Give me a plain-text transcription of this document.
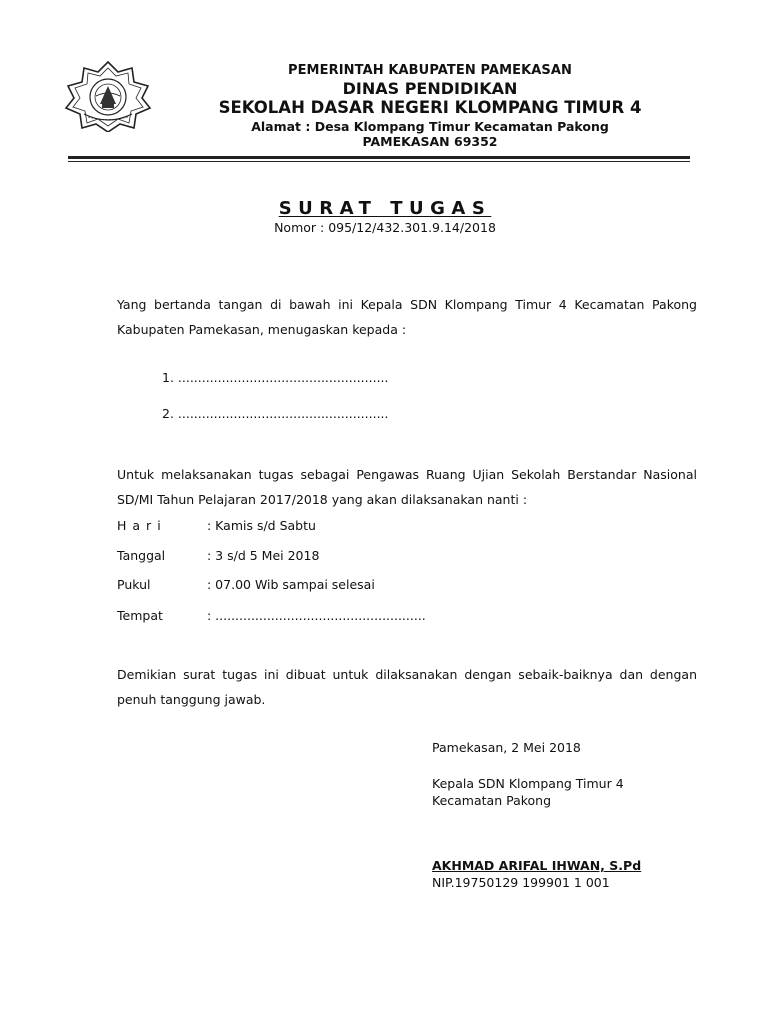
PEMERINTAH KABUPATEN PAMEKASAN
DINAS PENDIDIKAN
SEKOLAH DASAR NEGERI KLOMPANG TIMUR 4
Alamat : Desa Klompang Timur Kecamatan Pakong
PAMEKASAN 69352
SURAT TUGAS
Nomor : 095/12/432.301.9.14/2018
Yang bertanda tangan di bawah ini Kepala SDN Klompang Timur 4 Kecamatan Pakong Kabupaten Pamekasan, menugaskan kepada :
1. .....................................................
2. .....................................................
Untuk melaksanakan tugas sebagai Pengawas Ruang Ujian Sekolah Berstandar Nasional SD/MI Tahun Pelajaran 2017/2018 yang akan dilaksanakan nanti :
Hari	: Kamis s/d Sabtu
Tanggal	: 3 s/d 5 Mei 2018
Pukul	: 07.00 Wib sampai selesai
Tempat	: .....................................................
Demikian surat tugas ini dibuat untuk dilaksanakan dengan sebaik-baiknya dan dengan penuh tanggung jawab.
Pamekasan, 2 Mei 2018
Kepala SDN Klompang Timur 4
Kecamatan Pakong
AKHMAD ARIFAL IHWAN, S.Pd
NIP.19750129 199901 1 001
